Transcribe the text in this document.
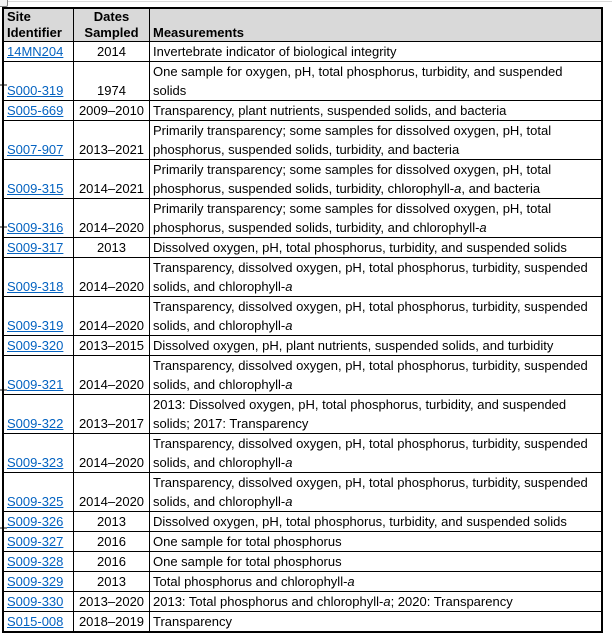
Site Identifier	Dates Sampled	Measurements
14MN204	2014	Invertebrate indicator of biological integrity
S000-319	1974	One sample for oxygen, pH, total phosphorus, turbidity, and suspended solids
S005-669	2009–2010	Transparency, plant nutrients, suspended solids, and bacteria
S007-907	2013–2021	Primarily transparency; some samples for dissolved oxygen, pH, total phosphorus, suspended solids, turbidity, and bacteria
S009-315	2014–2021	Primarily transparency; some samples for dissolved oxygen, pH, total phosphorus, suspended solids, turbidity, chlorophyll-a, and bacteria
S009-316	2014–2020	Primarily transparency; some samples for dissolved oxygen, pH, total phosphorus, suspended solids, turbidity, and chlorophyll-a
S009-317	2013	Dissolved oxygen, pH, total phosphorus, turbidity, and suspended solids
S009-318	2014–2020	Transparency, dissolved oxygen, pH, total phosphorus, turbidity, suspended solids, and chlorophyll-a
S009-319	2014–2020	Transparency, dissolved oxygen, pH, total phosphorus, turbidity, suspended solids, and chlorophyll-a
S009-320	2013–2015	Dissolved oxygen, pH, plant nutrients, suspended solids, and turbidity
S009-321	2014–2020	Transparency, dissolved oxygen, pH, total phosphorus, turbidity, suspended solids, and chlorophyll-a
S009-322	2013–2017	2013: Dissolved oxygen, pH, total phosphorus, turbidity, and suspended solids; 2017: Transparency
S009-323	2014–2020	Transparency, dissolved oxygen, pH, total phosphorus, turbidity, suspended solids, and chlorophyll-a
S009-325	2014–2020	Transparency, dissolved oxygen, pH, total phosphorus, turbidity, suspended solids, and chlorophyll-a
S009-326	2013	Dissolved oxygen, pH, total phosphorus, turbidity, and suspended solids
S009-327	2016	One sample for total phosphorus
S009-328	2016	One sample for total phosphorus
S009-329	2013	Total phosphorus and chlorophyll-a
S009-330	2013–2020	2013: Total phosphorus and chlorophyll-a; 2020: Transparency
S015-008	2018–2019	Transparency
